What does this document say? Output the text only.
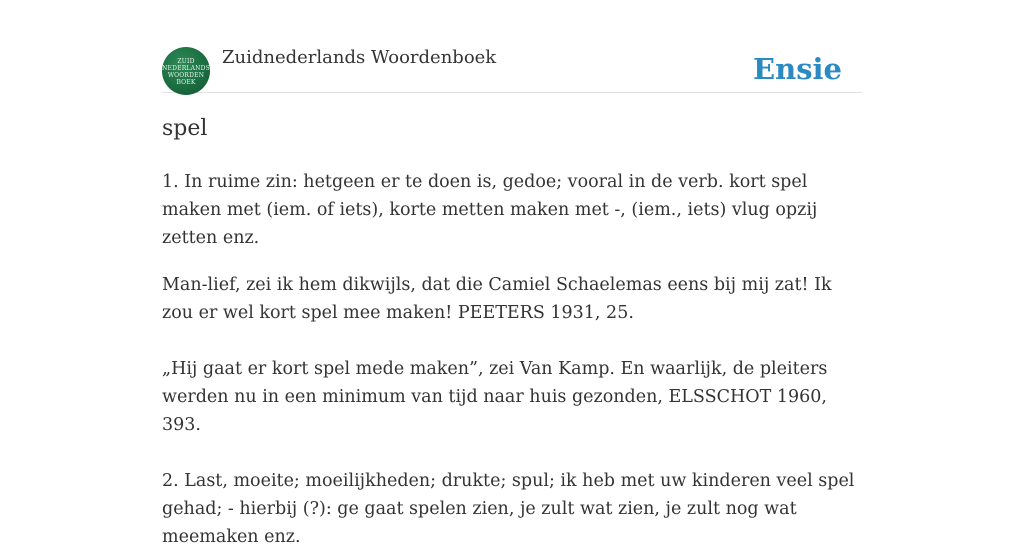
ZUID
NEDERLANDS
WOORDEN
BOEK
Zuidnederlands Woordenboek	Ensie
spel

1. In ruime zin: hetgeen er te doen is, gedoe; vooral in de verb. kort spel maken met (iem. of iets), korte metten maken met -, (iem., iets) vlug opzij zetten enz.

Man-lief, zei ik hem dikwijls, dat die Camiel Schaelemas eens bij mij zat! Ik zou er wel kort spel mee maken! PEETERS 1931, 25.

„Hij gaat er kort spel mede maken”, zei Van Kamp. En waarlijk, de pleiters werden nu in een minimum van tijd naar huis gezonden, ELSSCHOT 1960, 393.

2. Last, moeite; moeilijkheden; drukte; spul; ik heb met uw kinderen veel spel gehad; - hierbij (?): ge gaat spelen zien, je zult wat zien, je zult nog wat meemaken enz.
